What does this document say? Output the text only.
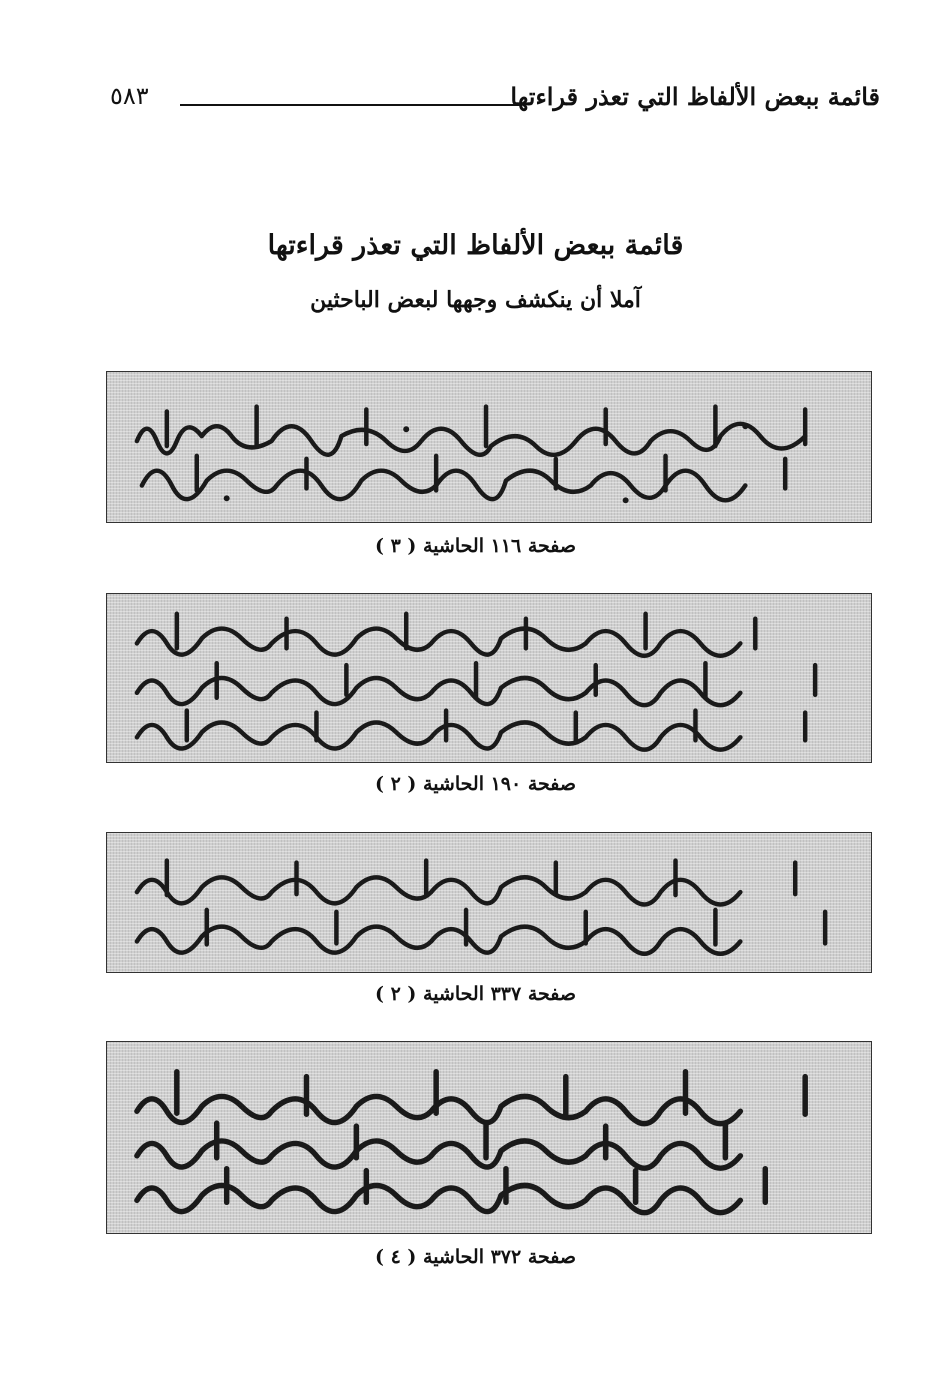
قائمة ببعض الألفاظ التي تعذر قراءتها
٥٨٣
قائمة ببعض الألفاظ التي تعذر قراءتها
آملا أن ينكشف وجهها لبعض الباحثين
صفحة ١١٦ الحاشية ( ٣ )
صفحة ١٩٠ الحاشية ( ٢ )
صفحة ٣٣٧ الحاشية ( ٢ )
صفحة ٣٧٢ الحاشية ( ٤ )
